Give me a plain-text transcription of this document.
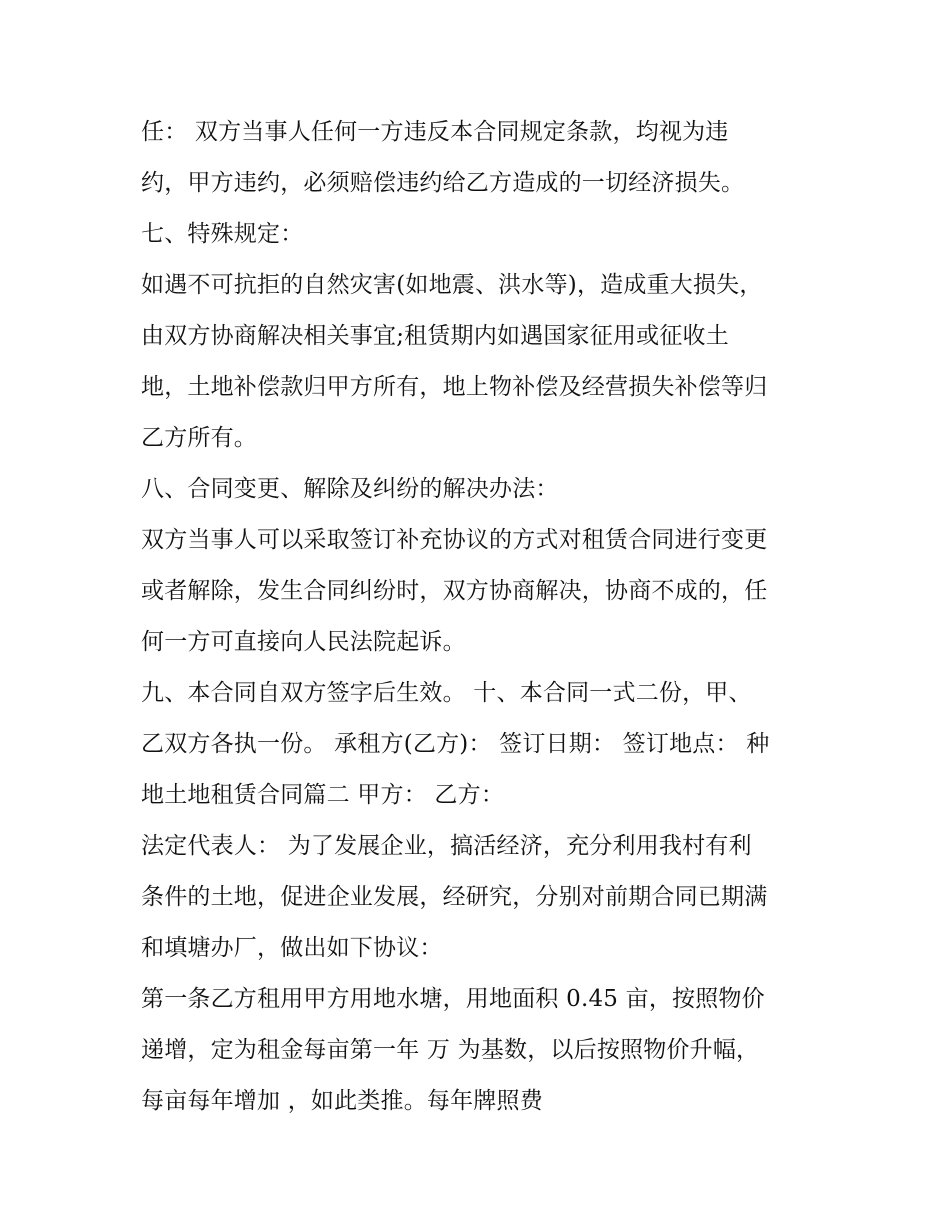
任： 双方当事人任何一方违反本合同规定条款，均视为违
约，甲方违约，必须赔偿违约给乙方造成的一切经济损失。
七、特殊规定：
如遇不可抗拒的自然灾害(如地震、洪水等)，造成重大损失，
由双方协商解决相关事宜;租赁期内如遇国家征用或征收土
地，土地补偿款归甲方所有，地上物补偿及经营损失补偿等归
乙方所有。
八、合同变更、解除及纠纷的解决办法：
双方当事人可以采取签订补充协议的方式对租赁合同进行变更
或者解除，发生合同纠纷时，双方协商解决，协商不成的，任
何一方可直接向人民法院起诉。
九、本合同自双方签字后生效。 十、本合同一式二份，甲、
乙双方各执一份。 承租方(乙方)： 签订日期： 签订地点： 种
地土地租赁合同篇二 甲方： 乙方：
法定代表人： 为了发展企业，搞活经济，充分利用我村有利
条件的土地，促进企业发展，经研究，分别对前期合同已期满
和填塘办厂，做出如下协议：
第一条乙方租用甲方用地水塘，用地面积 0.45 亩，按照物价
递增，定为租金每亩第一年 万 为基数，以后按照物价升幅，
每亩每年增加 ，如此类推。每年牌照费
